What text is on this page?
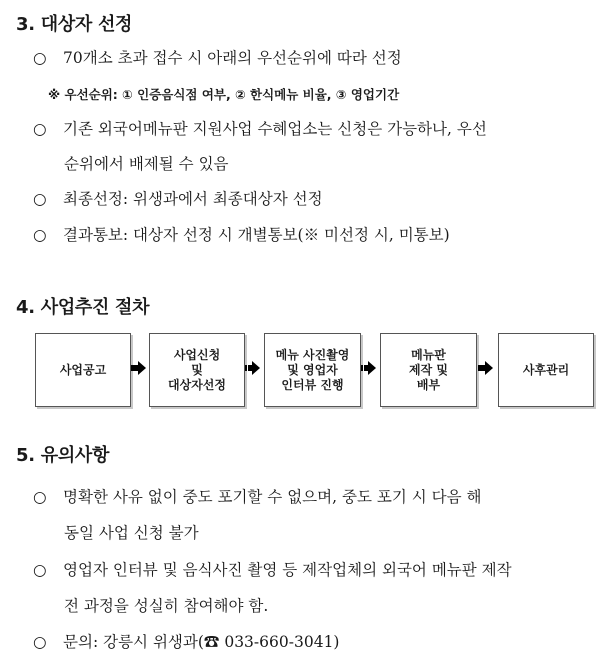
3. 대상자 선정
○ 70개소 초과 접수 시 아래의 우선순위에 따라 선정
※ 우선순위: ① 인증음식점 여부, ② 한식메뉴 비율, ③ 영업기간
○ 기존 외국어메뉴판 지원사업 수혜업소는 신청은 가능하나, 우선
순위에서 배제될 수 있음
○ 최종선정: 위생과에서 최종대상자 선정
○ 결과통보: 대상자 선정 시 개별통보(※ 미선정 시, 미통보)
4. 사업추진 절차
사업공고
사업신청
및
대상자선정
메뉴 사진촬영
및 영업자
인터뷰 진행
메뉴판
제작 및
배부
사후관리
5. 유의사항
○ 명확한 사유 없이 중도 포기할 수 없으며, 중도 포기 시 다음 해
동일 사업 신청 불가
○ 영업자 인터뷰 및 음식사진 촬영 등 제작업체의 외국어 메뉴판 제작
전 과정을 성실히 참여해야 함.
○ 문의: 강릉시 위생과(☎ 033-660-3041)
